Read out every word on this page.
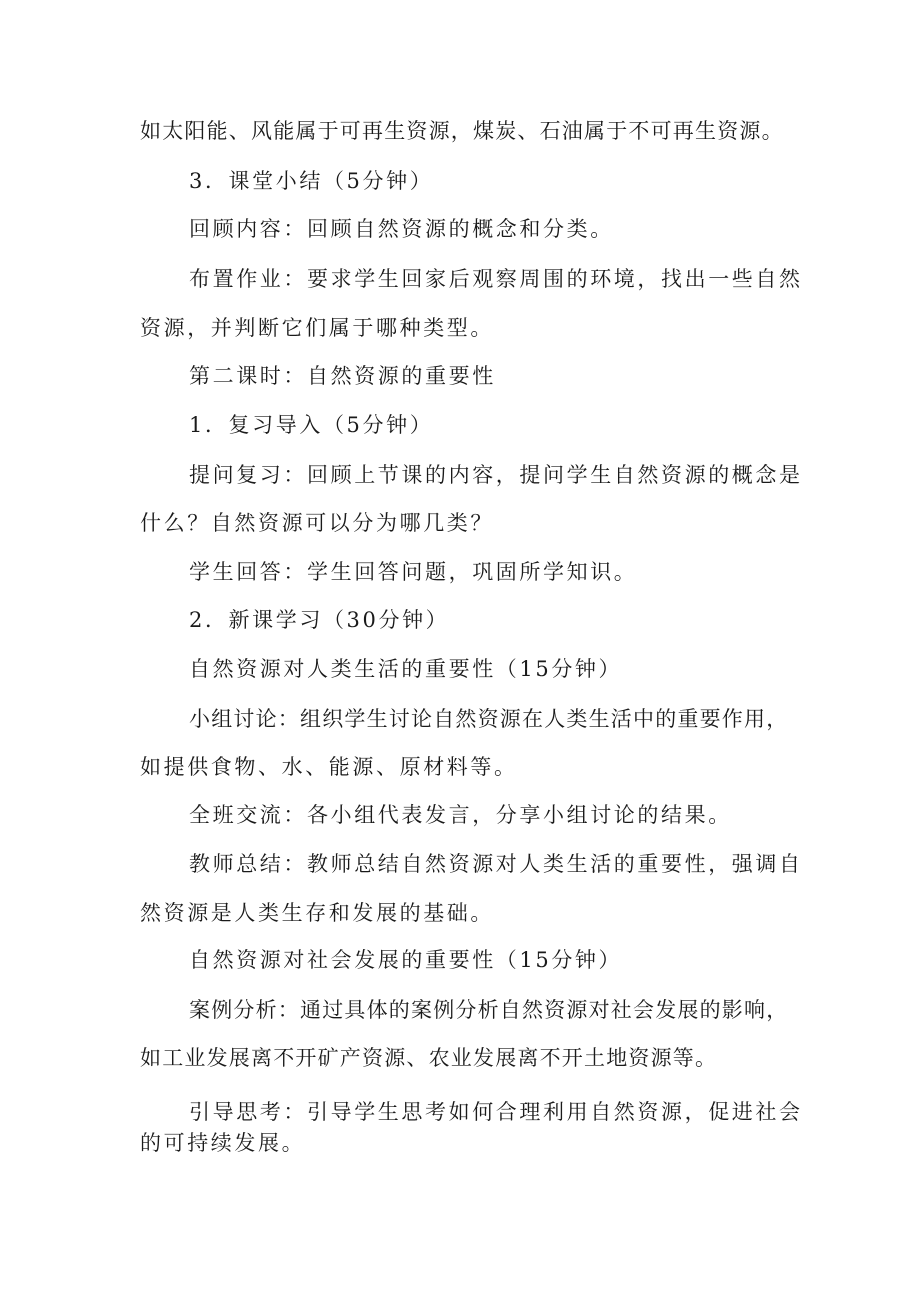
如太阳能、风能属于可再生资源，煤炭、石油属于不可再生资源。
3．课堂小结（5分钟）
回顾内容：回顾自然资源的概念和分类。
布置作业：要求学生回家后观察周围的环境，找出一些自然
资源，并判断它们属于哪种类型。
第二课时：自然资源的重要性
1．复习导入（5分钟）
提问复习：回顾上节课的内容，提问学生自然资源的概念是
什么？自然资源可以分为哪几类？
学生回答：学生回答问题，巩固所学知识。
2．新课学习（30分钟）
自然资源对人类生活的重要性（15分钟）
小组讨论：组织学生讨论自然资源在人类生活中的重要作用，
如提供食物、水、能源、原材料等。
全班交流：各小组代表发言，分享小组讨论的结果。
教师总结：教师总结自然资源对人类生活的重要性，强调自
然资源是人类生存和发展的基础。
自然资源对社会发展的重要性（15分钟）
案例分析：通过具体的案例分析自然资源对社会发展的影响，
如工业发展离不开矿产资源、农业发展离不开土地资源等。
引导思考：引导学生思考如何合理利用自然资源，促进社会
的可持续发展。
